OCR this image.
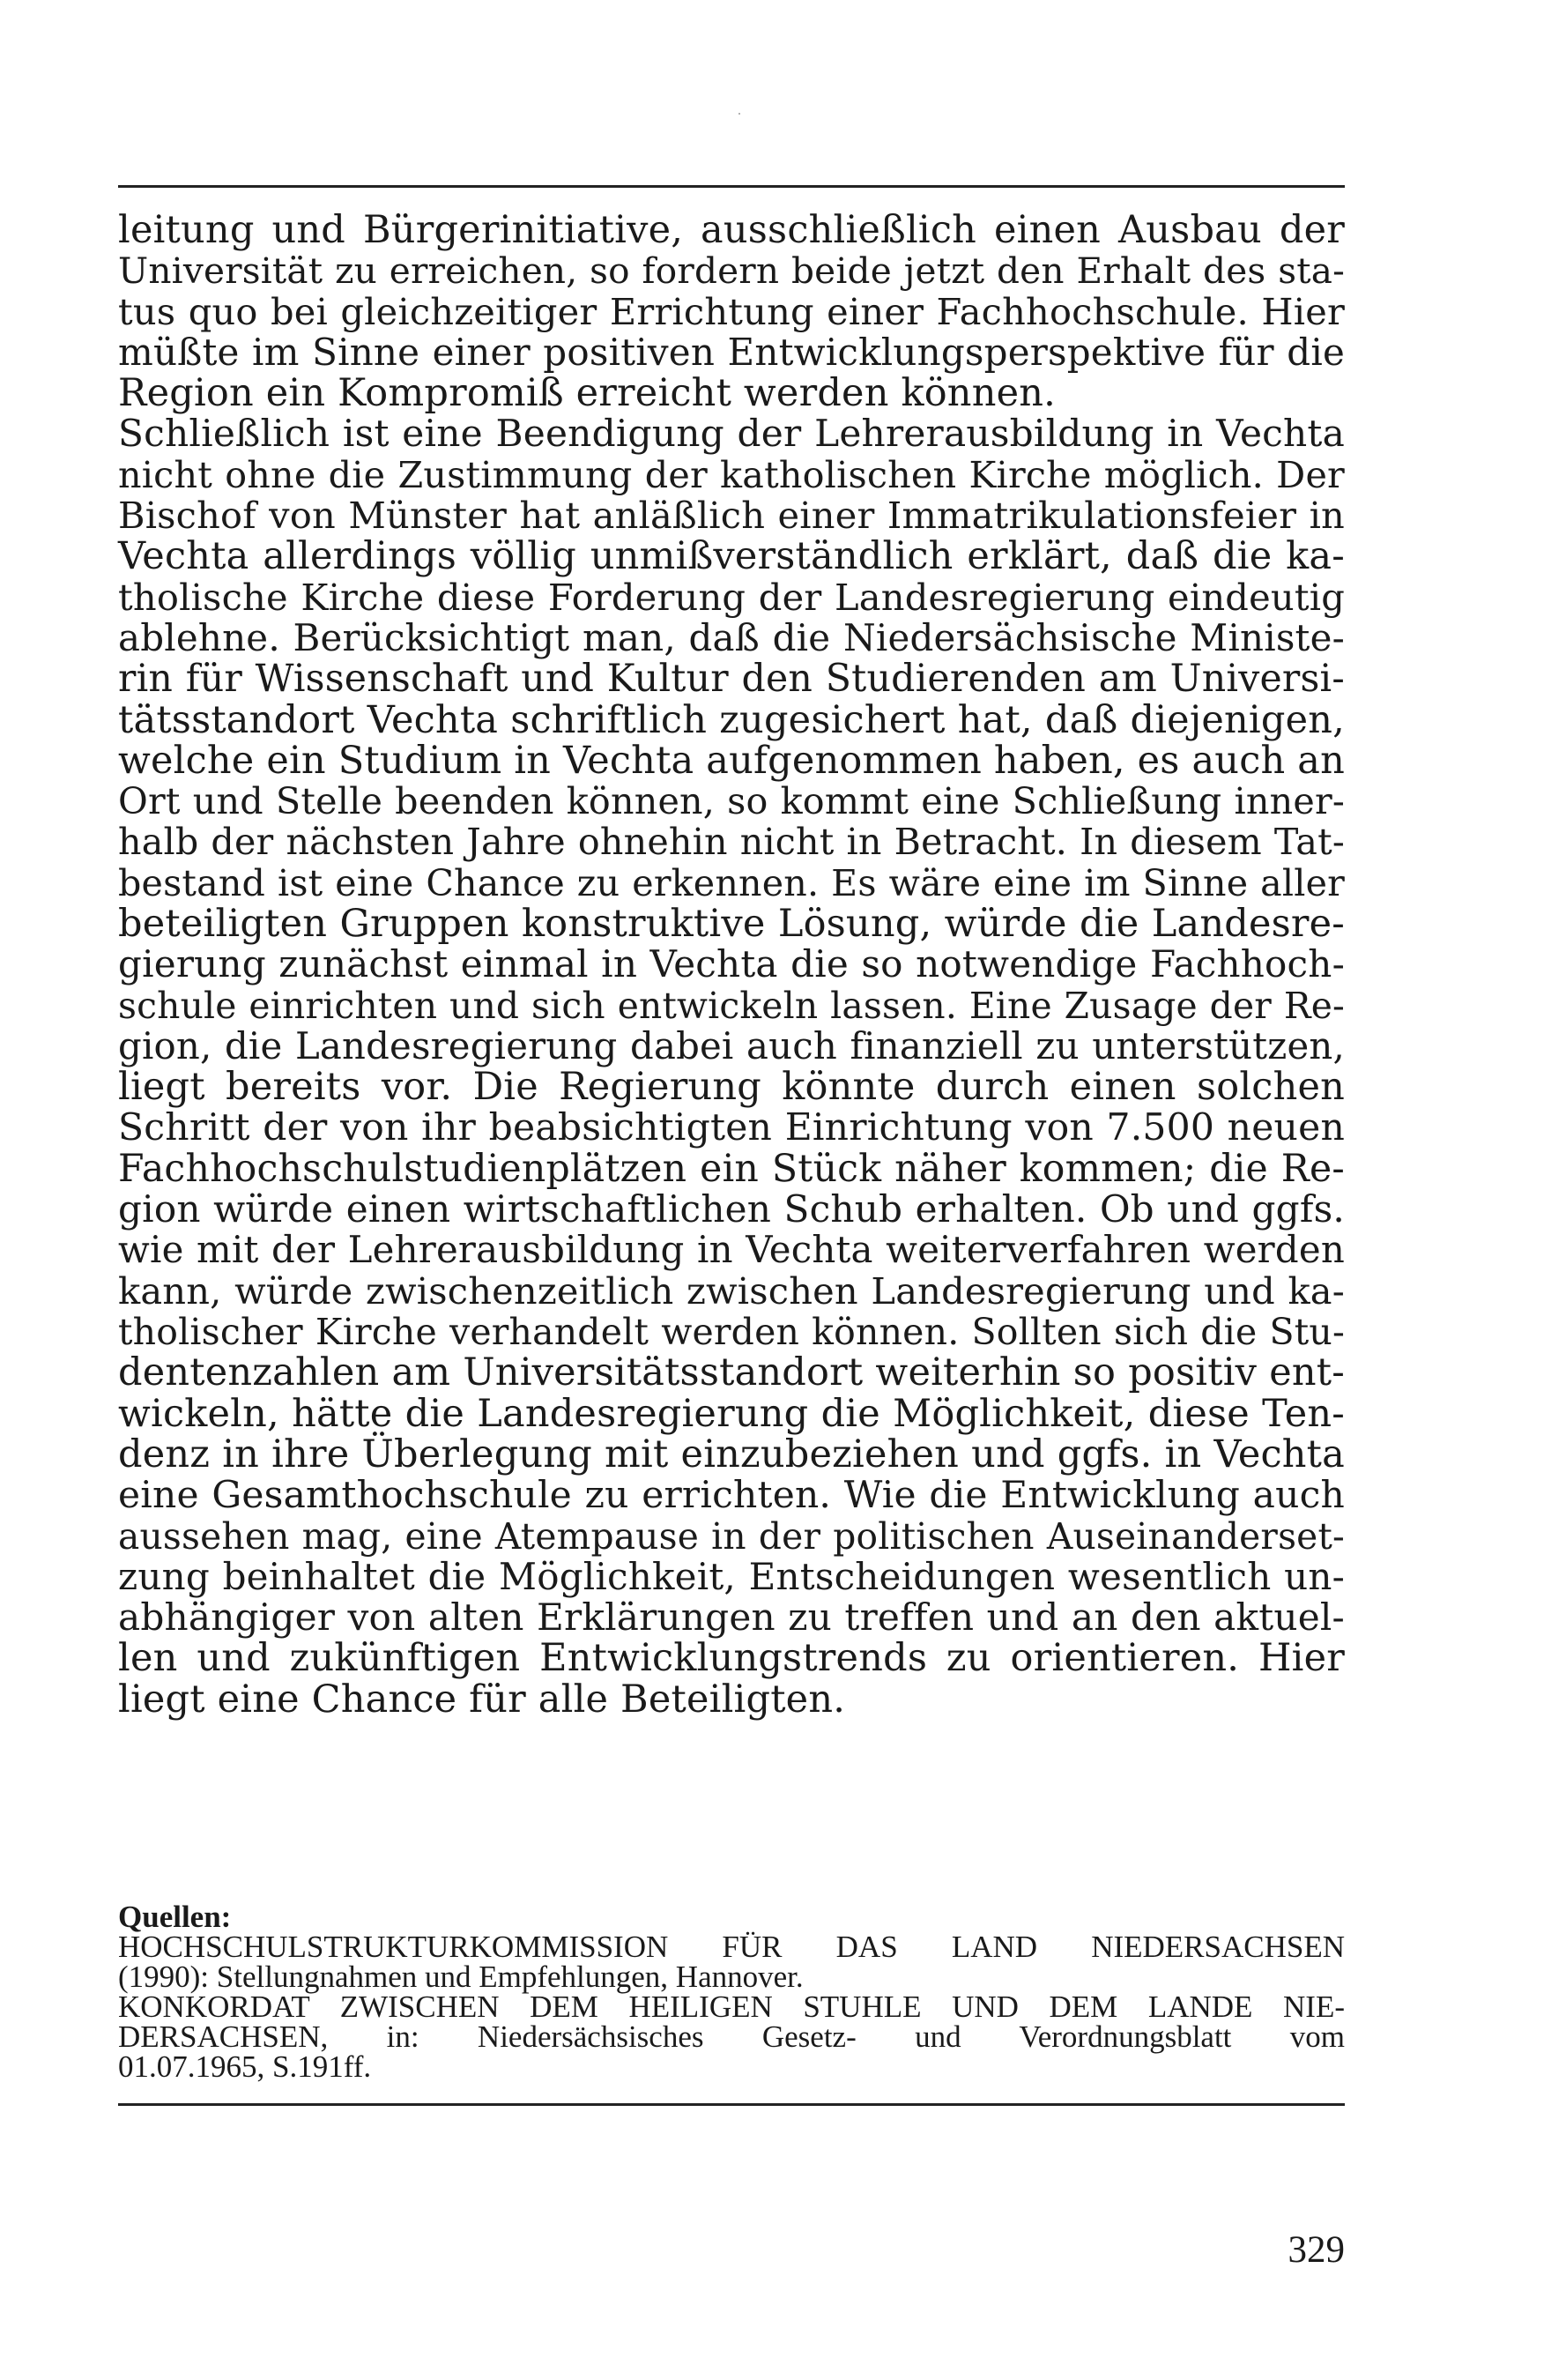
leitung und Bürgerinitiative, ausschließlich einen Ausbau der
Universität zu erreichen, so fordern beide jetzt den Erhalt des sta-
tus quo bei gleichzeitiger Errichtung einer Fachhochschule. Hier
müßte im Sinne einer positiven Entwicklungsperspektive für die
Region ein Kompromiß erreicht werden können.
Schließlich ist eine Beendigung der Lehrerausbildung in Vechta
nicht ohne die Zustimmung der katholischen Kirche möglich. Der
Bischof von Münster hat anläßlich einer Immatrikulationsfeier in
Vechta allerdings völlig unmißverständlich erklärt, daß die ka-
tholische Kirche diese Forderung der Landesregierung eindeutig
ablehne. Berücksichtigt man, daß die Niedersächsische Ministe-
rin für Wissenschaft und Kultur den Studierenden am Universi-
tätsstandort Vechta schriftlich zugesichert hat, daß diejenigen,
welche ein Studium in Vechta aufgenommen haben, es auch an
Ort und Stelle beenden können, so kommt eine Schließung inner-
halb der nächsten Jahre ohnehin nicht in Betracht. In diesem Tat-
bestand ist eine Chance zu erkennen. Es wäre eine im Sinne aller
beteiligten Gruppen konstruktive Lösung, würde die Landesre-
gierung zunächst einmal in Vechta die so notwendige Fachhoch-
schule einrichten und sich entwickeln lassen. Eine Zusage der Re-
gion, die Landesregierung dabei auch finanziell zu unterstützen,
liegt bereits vor. Die Regierung könnte durch einen solchen
Schritt der von ihr beabsichtigten Einrichtung von 7.500 neuen
Fachhochschulstudienplätzen ein Stück näher kommen; die Re-
gion würde einen wirtschaftlichen Schub erhalten. Ob und ggfs.
wie mit der Lehrerausbildung in Vechta weiterverfahren werden
kann, würde zwischenzeitlich zwischen Landesregierung und ka-
tholischer Kirche verhandelt werden können. Sollten sich die Stu-
dentenzahlen am Universitätsstandort weiterhin so positiv ent-
wickeln, hätte die Landesregierung die Möglichkeit, diese Ten-
denz in ihre Überlegung mit einzubeziehen und ggfs. in Vechta
eine Gesamthochschule zu errichten. Wie die Entwicklung auch
aussehen mag, eine Atempause in der politischen Auseinanderset-
zung beinhaltet die Möglichkeit, Entscheidungen wesentlich un-
abhängiger von alten Erklärungen zu treffen und an den aktuel-
len und zukünftigen Entwicklungstrends zu orientieren. Hier
liegt eine Chance für alle Beteiligten.
Quellen:
HOCHSCHULSTRUKTURKOMMISSION FÜR DAS LAND NIEDERSACHSEN
(1990): Stellungnahmen und Empfehlungen, Hannover.
KONKORDAT ZWISCHEN DEM HEILIGEN STUHLE UND DEM LANDE NIE-
DERSACHSEN, in: Niedersächsisches Gesetz- und Verordnungsblatt vom
01.07.1965, S.191ff.
329
